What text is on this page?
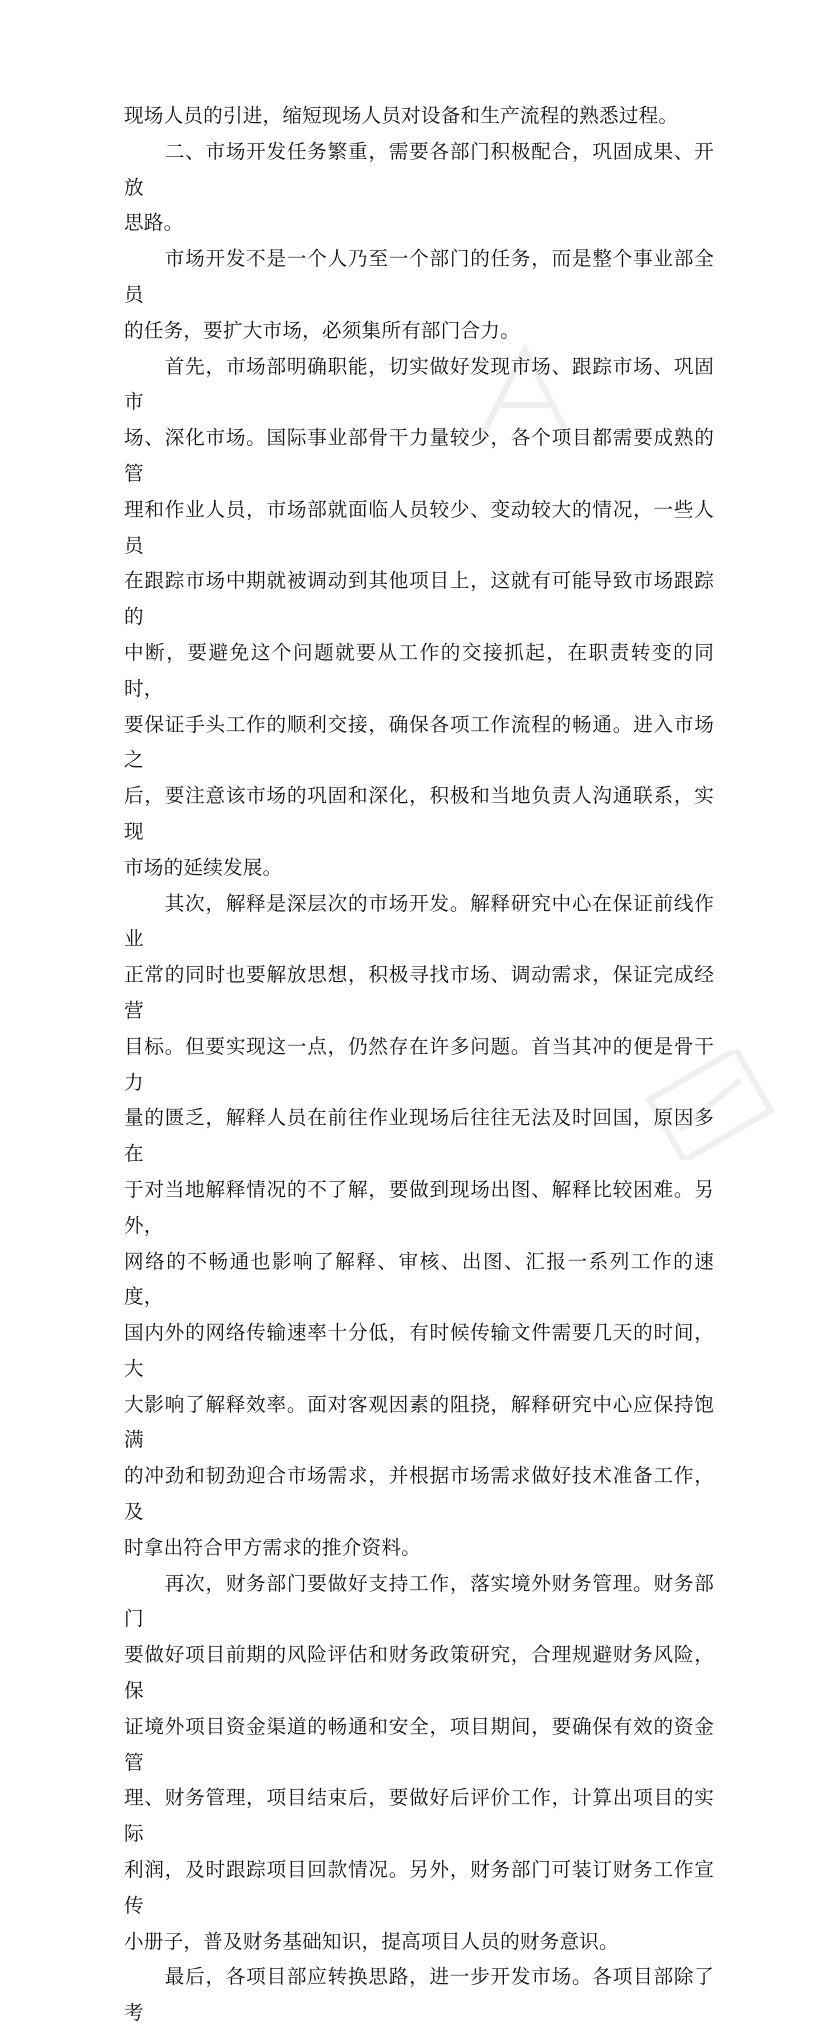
现场人员的引进，缩短现场人员对设备和生产流程的熟悉过程。

　　二、市场开发任务繁重，需要各部门积极配合，巩固成果、开放
思路。

　　市场开发不是一个人乃至一个部门的任务，而是整个事业部全员
的任务，要扩大市场，必须集所有部门合力。

　　首先，市场部明确职能，切实做好发现市场、跟踪市场、巩固市
场、深化市场。国际事业部骨干力量较少，各个项目都需要成熟的管
理和作业人员，市场部就面临人员较少、变动较大的情况，一些人员
在跟踪市场中期就被调动到其他项目上，这就有可能导致市场跟踪的
中断，要避免这个问题就要从工作的交接抓起，在职责转变的同时，
要保证手头工作的顺利交接，确保各项工作流程的畅通。进入市场之
后，要注意该市场的巩固和深化，积极和当地负责人沟通联系，实现
市场的延续发展。

　　其次，解释是深层次的市场开发。解释研究中心在保证前线作业
正常的同时也要解放思想，积极寻找市场、调动需求，保证完成经营
目标。但要实现这一点，仍然存在许多问题。首当其冲的便是骨干力
量的匮乏，解释人员在前往作业现场后往往无法及时回国，原因多在
于对当地解释情况的不了解，要做到现场出图、解释比较困难。另外，
网络的不畅通也影响了解释、审核、出图、汇报一系列工作的速度，
国内外的网络传输速率十分低，有时候传输文件需要几天的时间，大
大影响了解释效率。面对客观因素的阻挠，解释研究中心应保持饱满
的冲劲和韧劲迎合市场需求，并根据市场需求做好技术准备工作，及
时拿出符合甲方需求的推介资料。

　　再次，财务部门要做好支持工作，落实境外财务管理。财务部门
要做好项目前期的风险评估和财务政策研究，合理规避财务风险，保
证境外项目资金渠道的畅通和安全，项目期间，要确保有效的资金管
理、财务管理，项目结束后，要做好后评价工作，计算出项目的实际
利润，及时跟踪项目回款情况。另外，财务部门可装订财务工作宣传
小册子，普及财务基础知识，提高项目人员的财务意识。

　　最后，各项目部应转换思路，进一步开发市场。各项目部除了考
